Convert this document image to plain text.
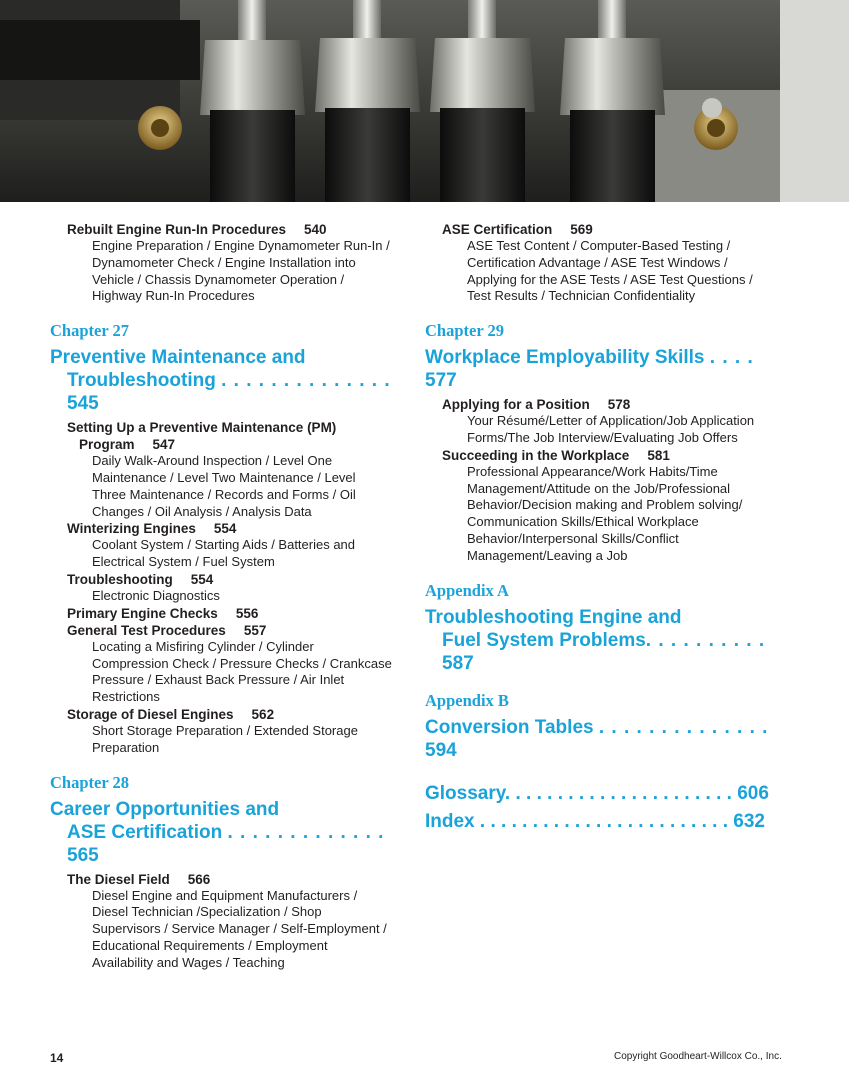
Rebuilt Engine Run-In Procedures 540
Engine Preparation / Engine Dynamometer Run-In /
Dynamometer Check / Engine Installation into
Vehicle / Chassis Dynamometer Operation /
Highway Run-In Procedures
Chapter 27
Preventive Maintenance and
Troubleshooting . . . . . . . . . . . . . . 545
Setting Up a Preventive Maintenance (PM)
Program 547
Daily Walk-Around Inspection / Level One
Maintenance / Level Two Maintenance / Level
Three Maintenance / Records and Forms / Oil
Changes / Oil Analysis / Analysis Data
Winterizing Engines 554
Coolant System / Starting Aids / Batteries and
Electrical System / Fuel System
Troubleshooting 554
Electronic Diagnostics
Primary Engine Checks 556
General Test Procedures 557
Locating a Misfiring Cylinder / Cylinder
Compression Check / Pressure Checks / Crankcase
Pressure / Exhaust Back Pressure / Air Inlet
Restrictions
Storage of Diesel Engines 562
Short Storage Preparation / Extended Storage
Preparation
Chapter 28
Career Opportunities and
ASE Certification . . . . . . . . . . . . . 565
The Diesel Field 566
Diesel Engine and Equipment Manufacturers /
Diesel Technician /Specialization / Shop
Supervisors / Service Manager / Self-Employment /
Educational Requirements / Employment
Availability and Wages / Teaching
ASE Certification 569
ASE Test Content / Computer-Based Testing /
Certification Advantage / ASE Test Windows /
Applying for the ASE Tests / ASE Test Questions /
Test Results / Technician Confidentiality
Chapter 29
Workplace Employability Skills . . . . 577
Applying for a Position 578
Your Résumé/Letter of Application/Job Application
Forms/The Job Interview/Evaluating Job Offers
Succeeding in the Workplace 581
Professional Appearance/Work Habits/Time
Management/Attitude on the Job/Professional
Behavior/Decision making and Problem solving/
Communication Skills/Ethical Workplace
Behavior/Interpersonal Skills/Conflict
Management/Leaving a Job
Appendix A
Troubleshooting Engine and
Fuel System Problems. . . . . . . . . . 587
Appendix B
Conversion Tables . . . . . . . . . . . . . . 594
Glossary. . . . . . . . . . . . . . . . . . . . . . 606
Index . . . . . . . . . . . . . . . . . . . . . . . . 632
14	Copyright Goodheart-Willcox Co., Inc.
